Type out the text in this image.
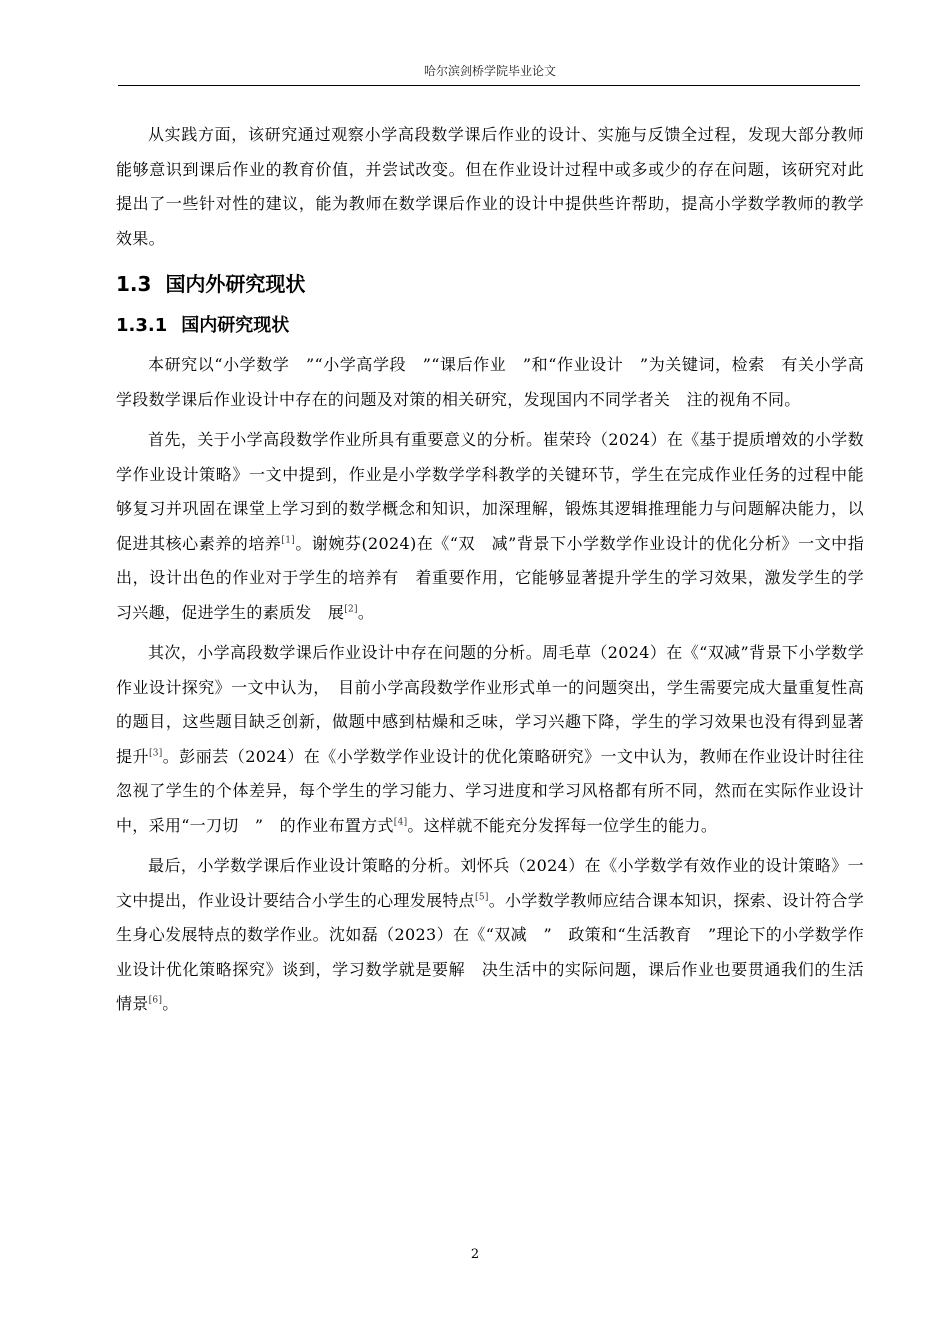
哈尔滨剑桥学院毕业论文

从实践方面，该研究通过观察小学高段数学课后作业的设计、实施与反馈全过程，发现大部分教师能够意识到课后作业的教育价值，并尝试改变。但在作业设计过程中或多或少的存在问题，该研究对此提出了一些针对性的建议，能为教师在数学课后作业的设计中提供些许帮助，提高小学数学教师的教学效果。

1.3 国内外研究现状
1.3.1 国内研究现状

本研究以“小学数学　”“小学高学段　”“课后作业　”和“作业设计　”为关键词，检索　有关小学高学段数学课后作业设计中存在的问题及对策的相关研究，发现国内不同学者关　注的视角不同。

首先，关于小学高段数学作业所具有重要意义的分析。崔荣玲（2024）在《基于提质增效的小学数学作业设计策略》一文中提到，作业是小学数学学科教学的关键环节，学生在完成作业任务的过程中能够复习并巩固在课堂上学习到的数学概念和知识，加深理解，锻炼其逻辑推理能力与问题解决能力，以促进其核心素养的培养[1]。谢婉芬(2024)在《“双　减”背景下小学数学作业设计的优化分析》一文中指出，设计出色的作业对于学生的培养有　着重要作用，它能够显著提升学生的学习效果，激发学生的学习兴趣，促进学生的素质发　展[2]。

其次，小学高段数学课后作业设计中存在问题的分析。周毛草（2024）在《“双减”背景下小学数学作业设计探究》一文中认为，　目前小学高段数学作业形式单一的问题突出，学生需要完成大量重复性高的题目，这些题目缺乏创新，做题中感到枯燥和乏味，学习兴趣下降，学生的学习效果也没有得到显著提升[3]。彭丽芸（2024）在《小学数学作业设计的优化策略研究》一文中认为，教师在作业设计时往往忽视了学生的个体差异，每个学生的学习能力、学习进度和学习风格都有所不同，然而在实际作业设计中，采用“一刀切　”　的作业布置方式[4]。这样就不能充分发挥每一位学生的能力。

最后，小学数学课后作业设计策略的分析。刘怀兵（2024）在《小学数学有效作业的设计策略》一文中提出，作业设计要结合小学生的心理发展特点[5]。小学数学教师应结合课本知识，探索、设计符合学生身心发展特点的数学作业。沈如磊（2023）在《“双减　”　政策和“生活教育　”理论下的小学数学作业设计优化策略探究》谈到，学习数学就是要解　决生活中的实际问题，课后作业也要贯通我们的生活情景[6]。

2
